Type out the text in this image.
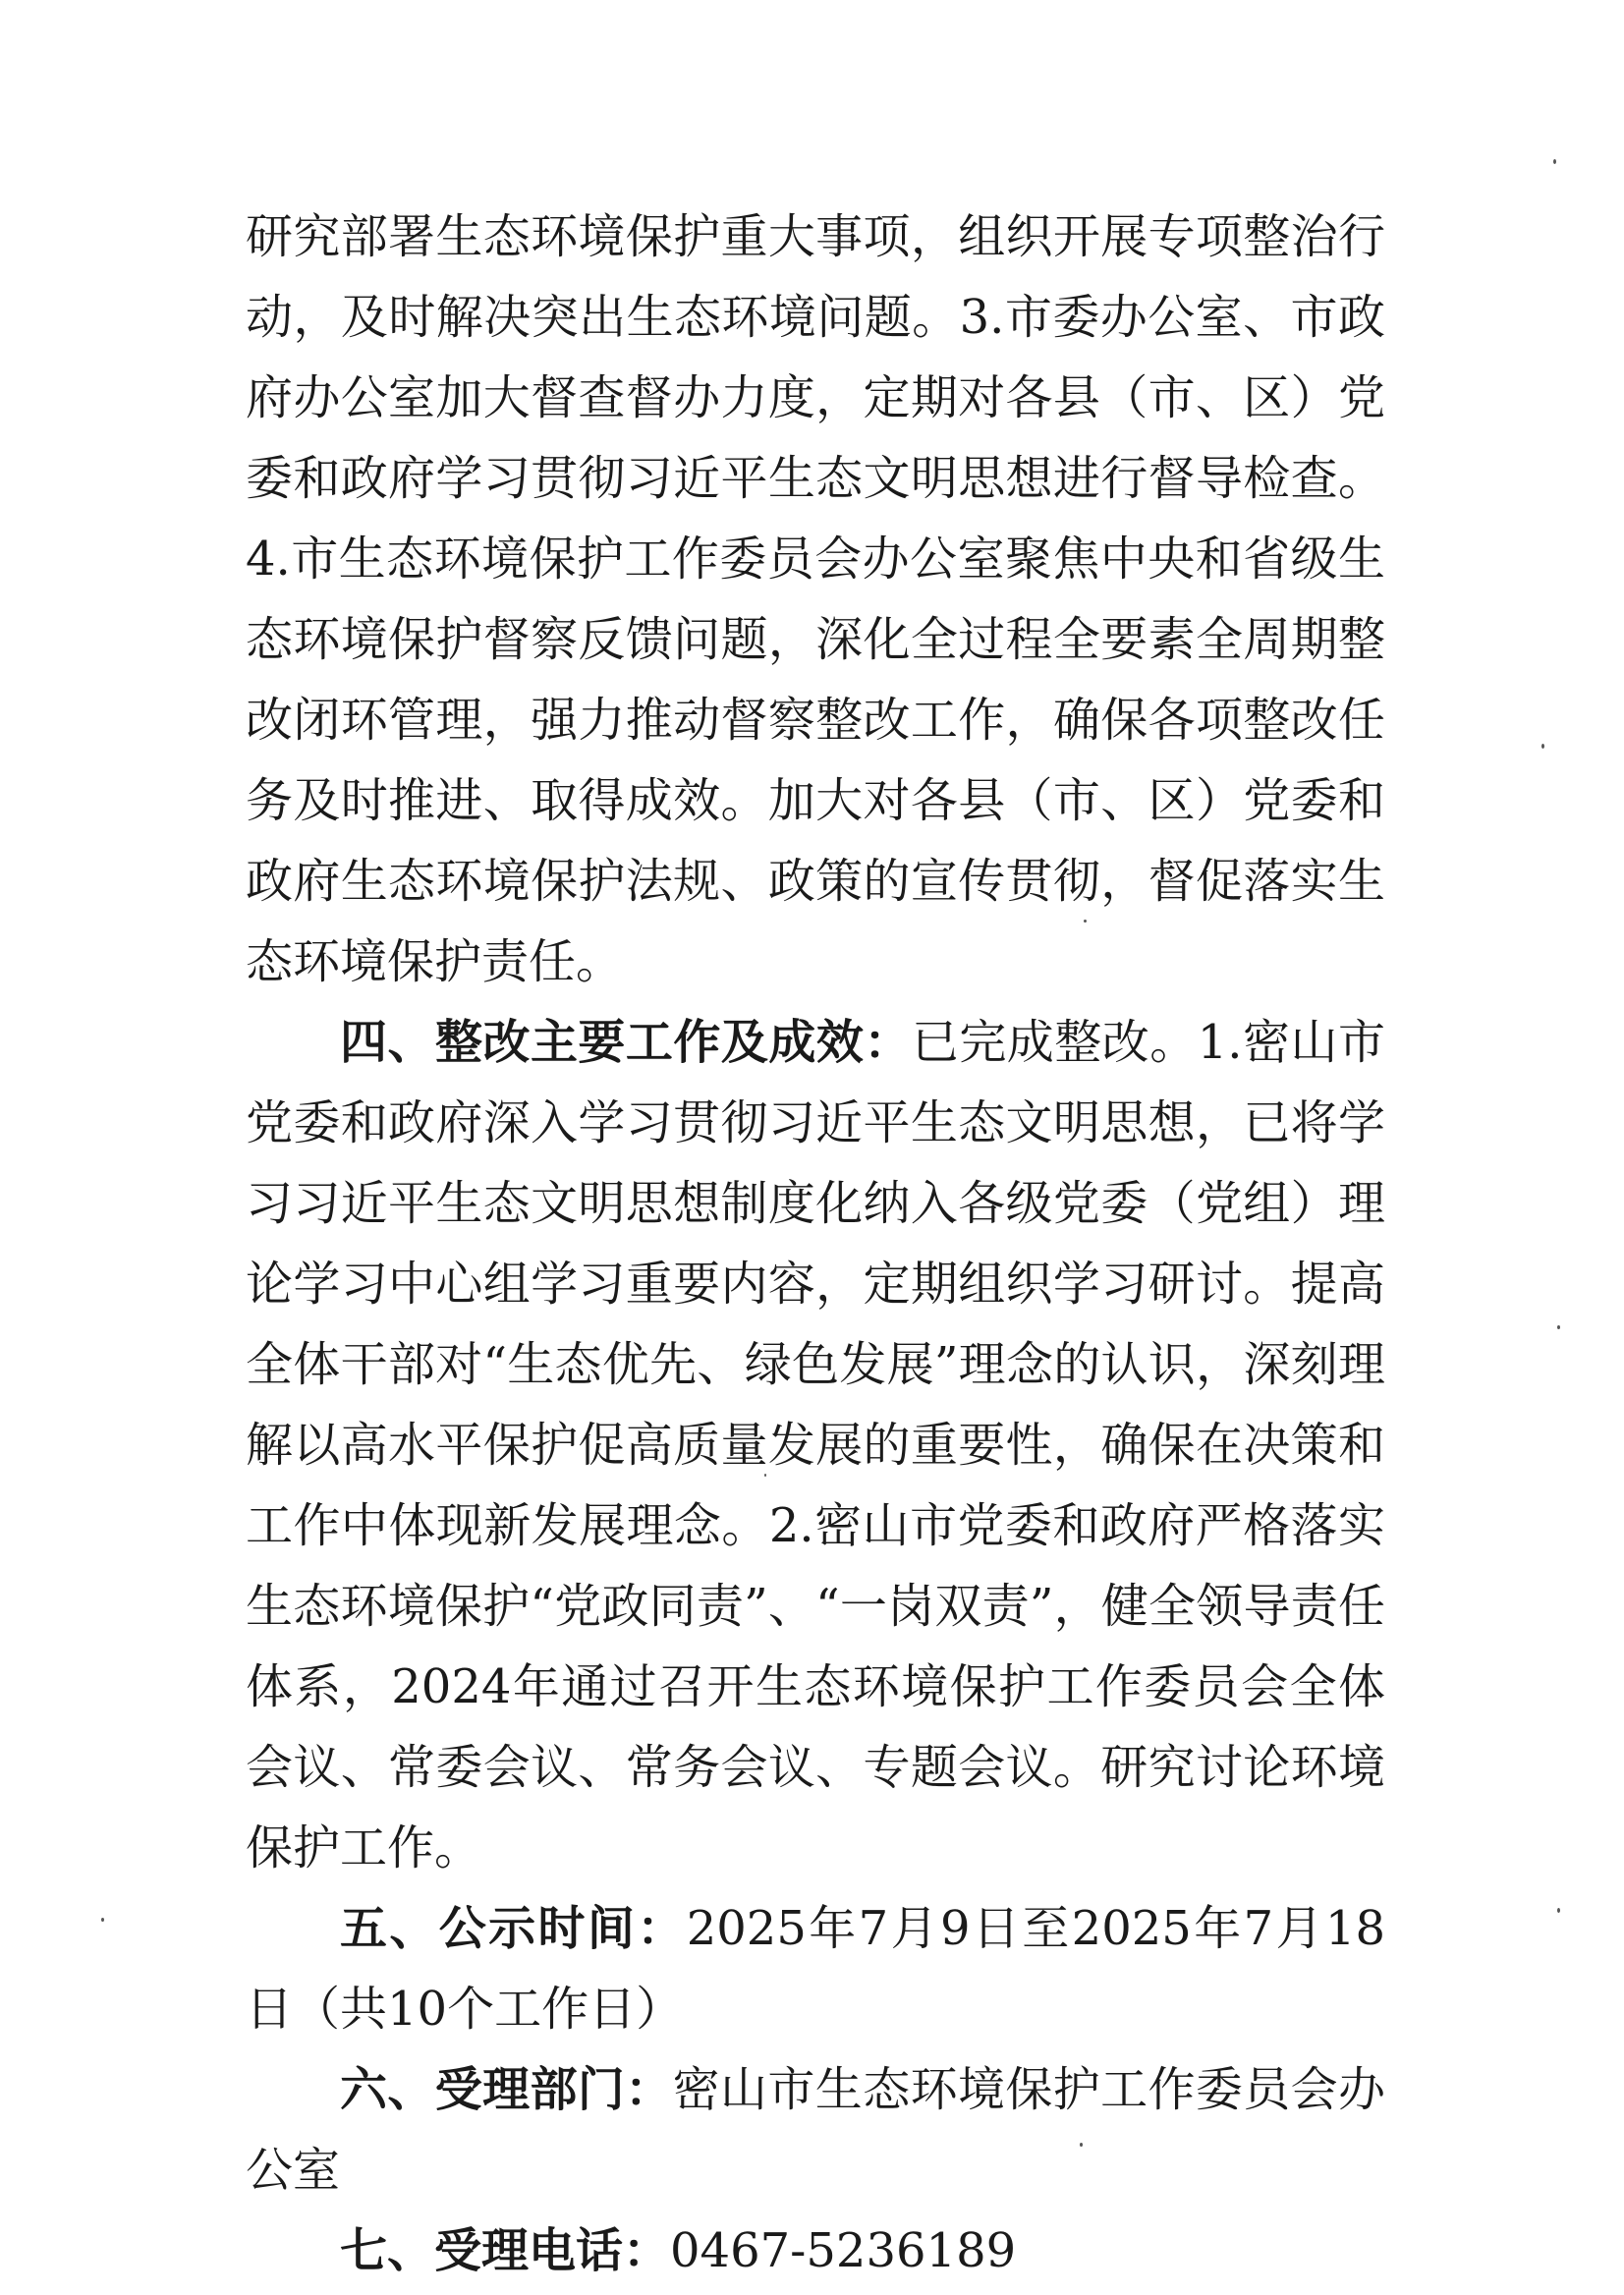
研究部署生态环境保护重大事项，组织开展专项整治行动，及时解决突出生态环境问题。3.市委办公室、市政府办公室加大督查督办力度，定期对各县（市、区）党委和政府学习贯彻习近平生态文明思想进行督导检查。4.市生态环境保护工作委员会办公室聚焦中央和省级生态环境保护督察反馈问题，深化全过程全要素全周期整改闭环管理，强力推动督察整改工作，确保各项整改任务及时推进、取得成效。加大对各县（市、区）党委和政府生态环境保护法规、政策的宣传贯彻，督促落实生态环境保护责任。

四、整改主要工作及成效：已完成整改。1.密山市党委和政府深入学习贯彻习近平生态文明思想，已将学习习近平生态文明思想制度化纳入各级党委（党组）理论学习中心组学习重要内容，定期组织学习研讨。提高全体干部对“生态优先、绿色发展”理念的认识，深刻理解以高水平保护促高质量发展的重要性，确保在决策和工作中体现新发展理念。2.密山市党委和政府严格落实生态环境保护“党政同责”、“一岗双责”，健全领导责任体系，2024年通过召开生态环境保护工作委员会全体会议、常委会议、常务会议、专题会议。研究讨论环境保护工作。

五、公示时间：2025年7月9日至2025年7月18日（共10个工作日）

六、受理部门：密山市生态环境保护工作委员会办公室

七、受理电话：0467-5236189
